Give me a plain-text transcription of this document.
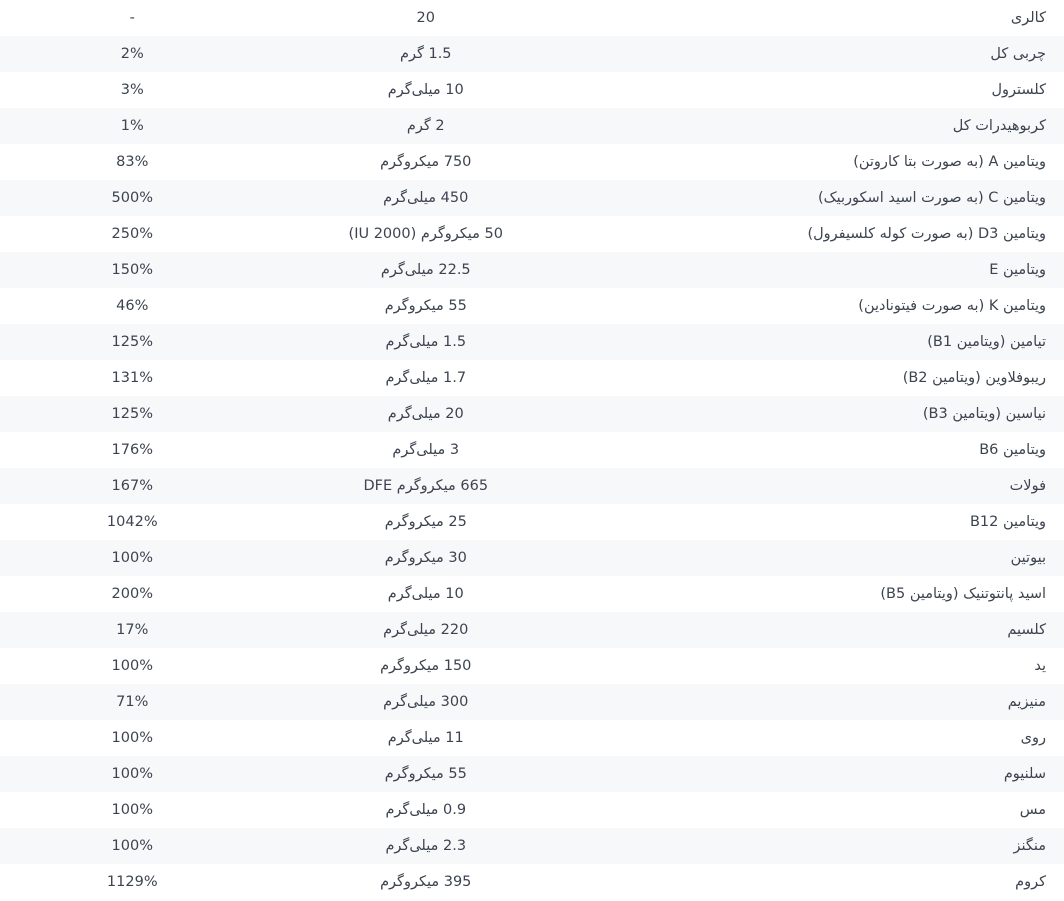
کالری	20	-
چربی کل	1.5 گرم	2%
کلسترول	10 میلی‌گرم	3%
کربوهیدرات کل	2 گرم	1%
ویتامین A (به صورت بتا کاروتن)	750 میکروگرم	83%
ویتامین C (به صورت اسید اسکوربیک)	450 میلی‌گرم	500%
ویتامین D3 (به صورت کوله کلسیفرول)	50 میکروگرم (2000 IU)	250%
ویتامین E	22.5 میلی‌گرم	150%
ویتامین K (به صورت فیتونادین)	55 میکروگرم	46%
تیامین (ویتامین B1)	1.5 میلی‌گرم	125%
ریبوفلاوین (ویتامین B2)	1.7 میلی‌گرم	131%
نیاسین (ویتامین B3)	20 میلی‌گرم	125%
ویتامین B6	3 میلی‌گرم	176%
فولات	665 میکروگرم DFE	167%
ویتامین B12	25 میکروگرم	1042%
بیوتین	30 میکروگرم	100%
اسید پانتوتنیک (ویتامین B5)	10 میلی‌گرم	200%
کلسیم	220 میلی‌گرم	17%
ید	150 میکروگرم	100%
منیزیم	300 میلی‌گرم	71%
روی	11 میلی‌گرم	100%
سلنیوم	55 میکروگرم	100%
مس	0.9 میلی‌گرم	100%
منگنز	2.3 میلی‌گرم	100%
کروم	395 میکروگرم	1129%
